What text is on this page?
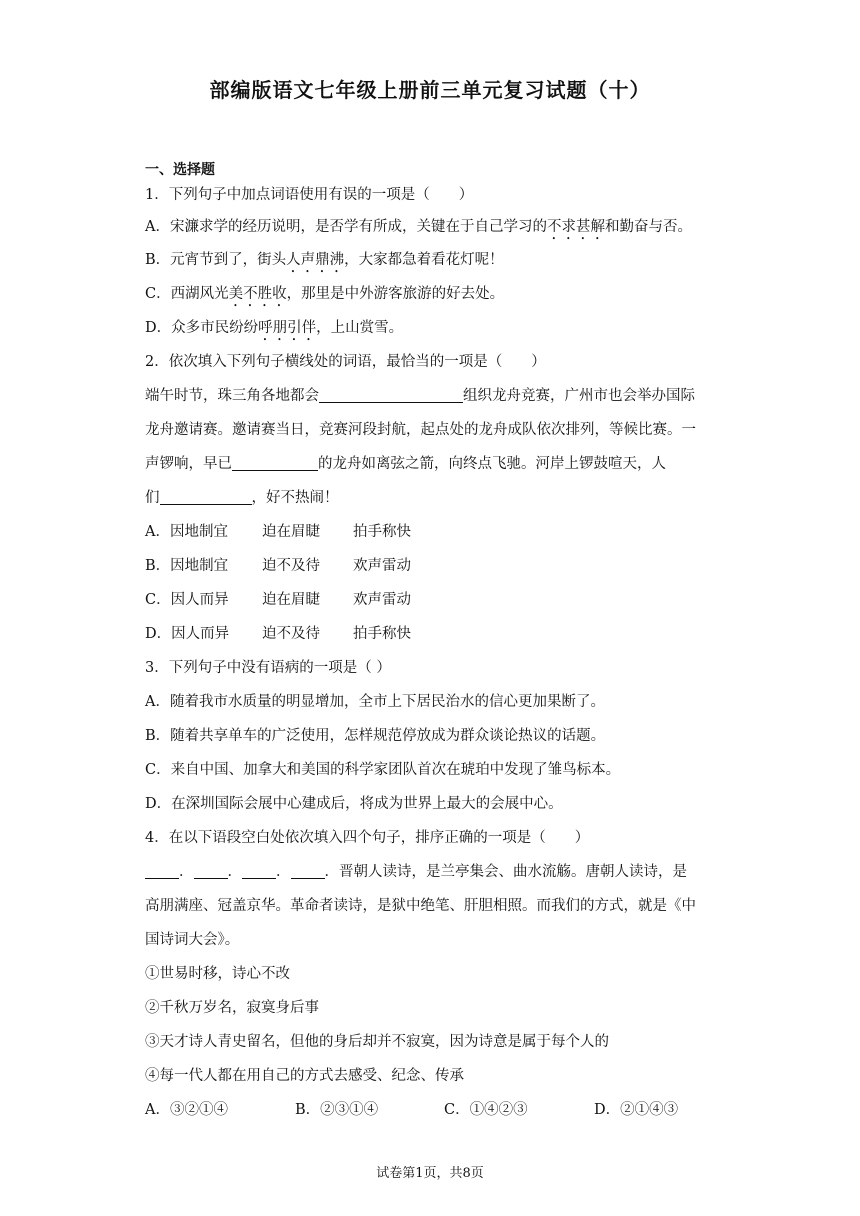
部编版语文七年级上册前三单元复习试题（十）
一、选择题
1．下列句子中加点词语使用有误的一项是（　　）
A．宋濂求学的经历说明，是否学有所成，关键在于自己学习的不求甚解和勤奋与否。
B．元宵节到了，街头人声鼎沸，大家都急着看花灯呢！
C．西湖风光美不胜收，那里是中外游客旅游的好去处。
D．众多市民纷纷呼朋引伴，上山赏雪。
2．依次填入下列句子横线处的词语，最恰当的一项是（　　）
端午时节，珠三角各地都会	组织龙舟竞赛，广州市也会举办国际
龙舟邀请赛。邀请赛当日，竞赛河段封航，起点处的龙舟成队依次排列，等候比赛。一
声锣响，早已	的龙舟如离弦之箭，向终点飞驰。河岸上锣鼓喧天，人
们	，好不热闹！
A．因地制宜 迫在眉睫 拍手称快
B．因地制宜 迫不及待 欢声雷动
C．因人而异 迫在眉睫 欢声雷动
D．因人而异 迫不及待 拍手称快
3．下列句子中没有语病的一项是（ ）
A．随着我市水质量的明显增加，全市上下居民治水的信心更加果断了。
B．随着共享单车的广泛使用，怎样规范停放成为群众谈论热议的话题。
C．来自中国、加拿大和美国的科学家团队首次在琥珀中发现了雏鸟标本。
D．在深圳国际会展中心建成后，将成为世界上最大的会展中心。
4．在以下语段空白处依次填入四个句子，排序正确的一项是（　　）
． ． ． ．晋朝人读诗，是兰亭集会、曲水流觞。唐朝人读诗，是
高朋满座、冠盖京华。革命者读诗，是狱中绝笔、肝胆相照。而我们的方式，就是《中
国诗词大会》。
①世易时移，诗心不改
②千秋万岁名，寂寞身后事
③天才诗人青史留名，但他的身后却并不寂寞，因为诗意是属于每个人的
④每一代人都在用自己的方式去感受、纪念、传承
A．③②①④	B．②③①④	C．①④②③	D．②①④③
试卷第1页，共8页
